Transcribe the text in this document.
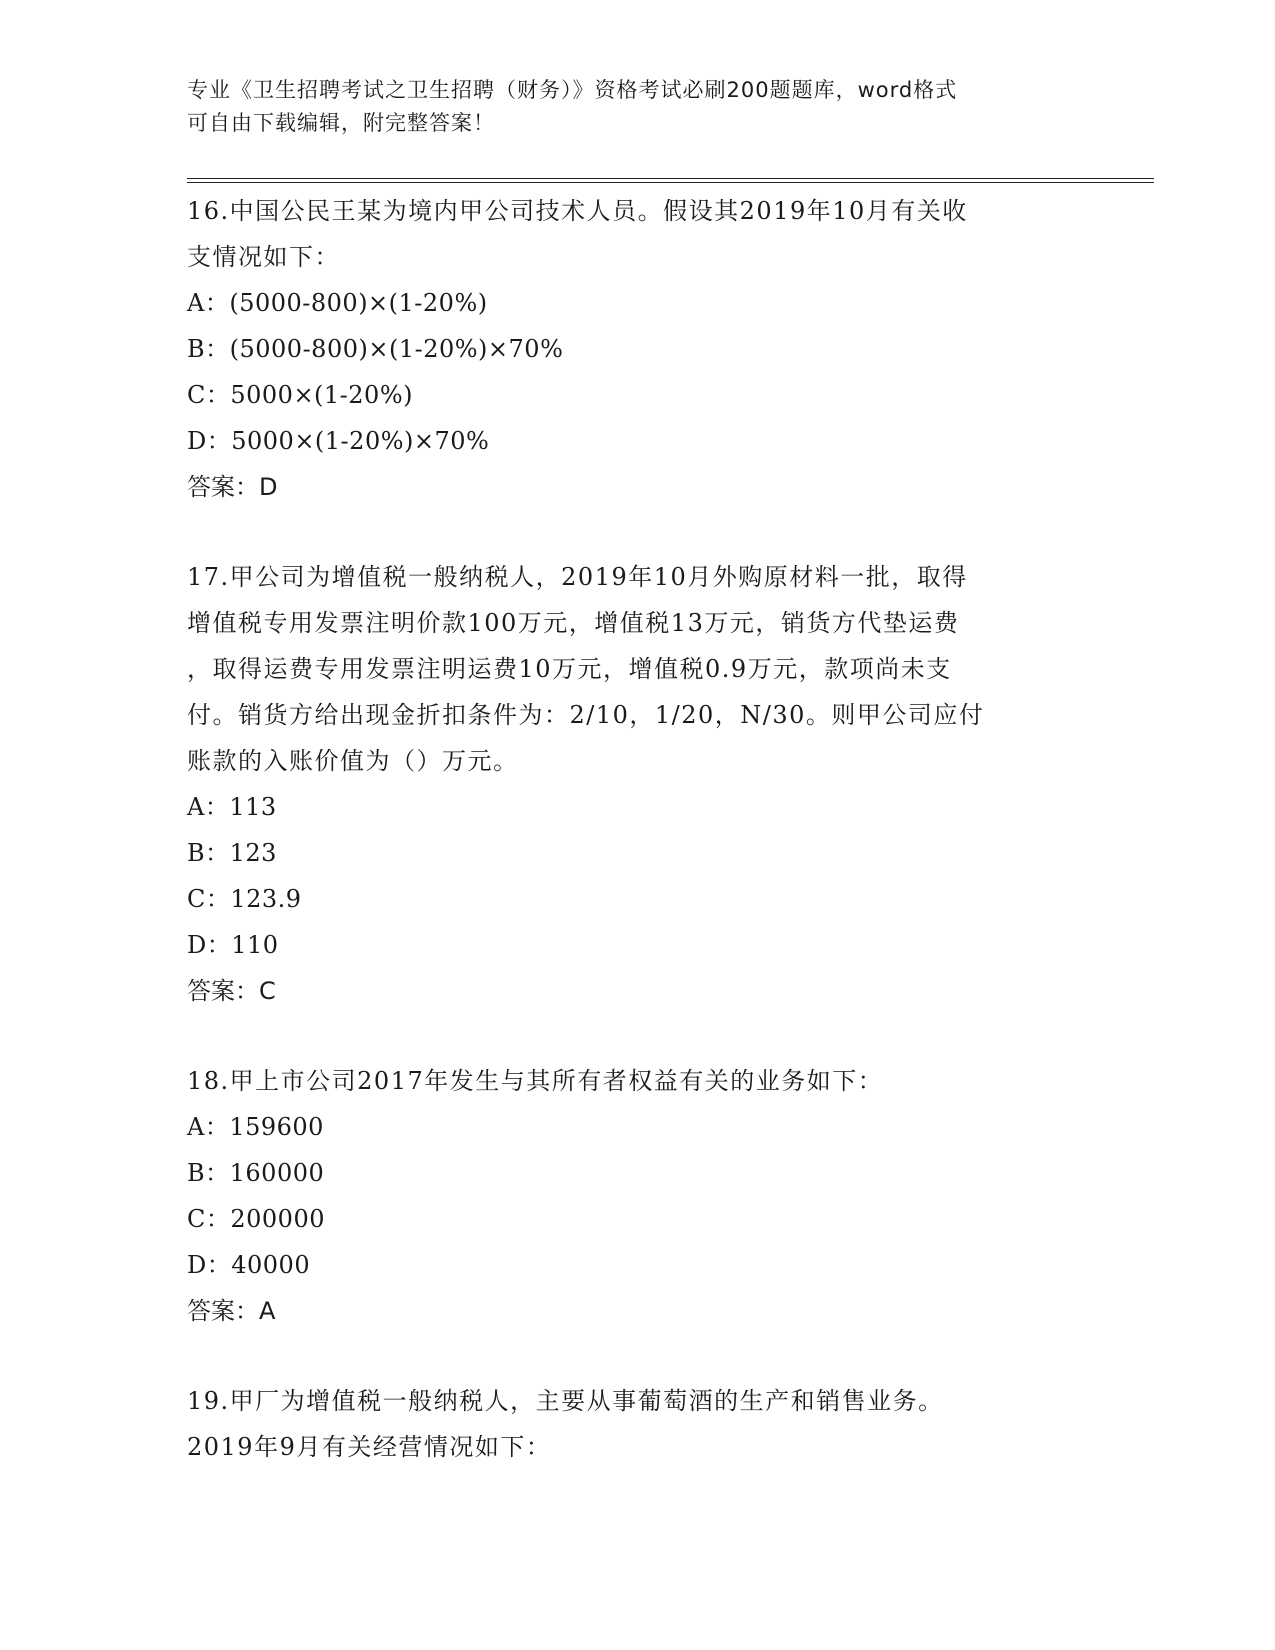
专业《卫生招聘考试之卫生招聘（财务）》资格考试必刷200题题库，word格式
可自由下载编辑，附完整答案！
16.中国公民王某为境内甲公司技术人员。假设其2019年10月有关收
支情况如下：
A：(5000-800)×(1-20%)
B：(5000-800)×(1-20%)×70%
C：5000×(1-20%)
D：5000×(1-20%)×70%
答案：D
17.甲公司为增值税一般纳税人，2019年10月外购原材料一批，取得
增值税专用发票注明价款100万元，增值税13万元，销货方代垫运费
，取得运费专用发票注明运费10万元，增值税0.9万元，款项尚未支
付。销货方给出现金折扣条件为：2/10，1/20，N/30。则甲公司应付
账款的入账价值为（）万元。
A：113
B：123
C：123.9
D：110
答案：C
18.甲上市公司2017年发生与其所有者权益有关的业务如下：
A：159600
B：160000
C：200000
D：40000
答案：A
19.甲厂为增值税一般纳税人，主要从事葡萄酒的生产和销售业务。
2019年9月有关经营情况如下：
